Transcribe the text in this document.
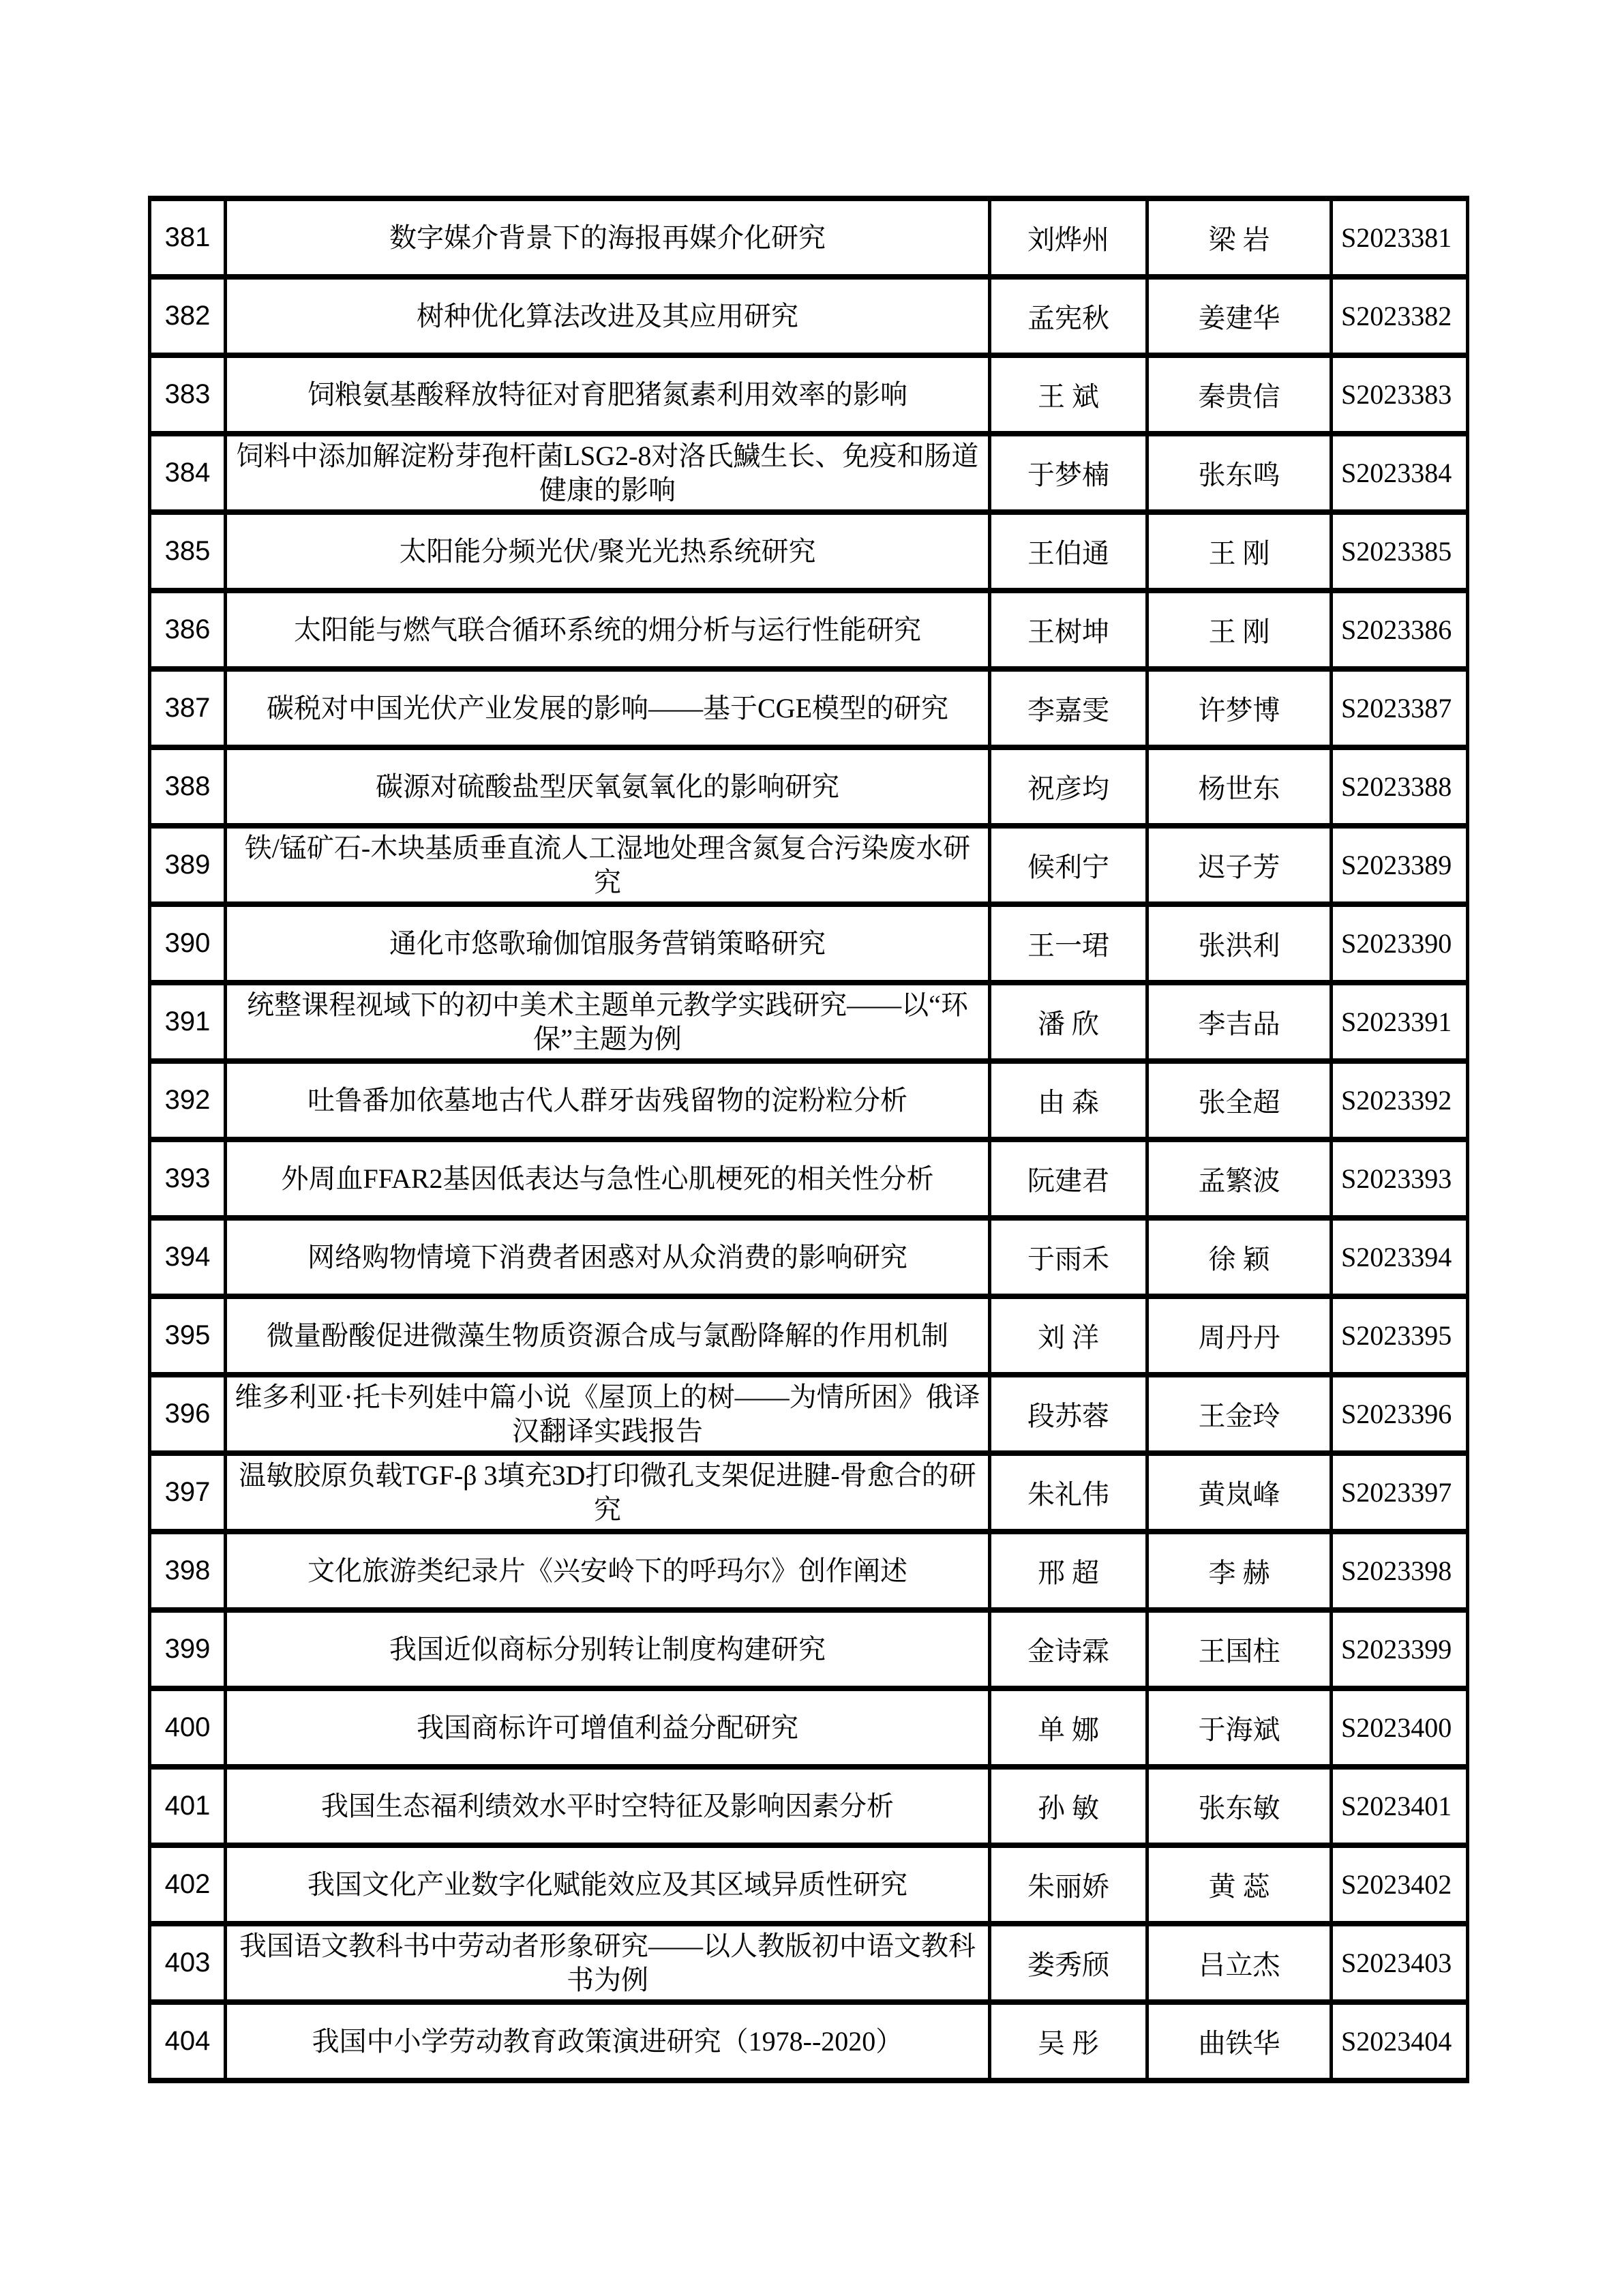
381	数字媒介背景下的海报再媒介化研究	刘烨州	梁 岩	S2023381
382	树种优化算法改进及其应用研究	孟宪秋	姜建华	S2023382
383	饲粮氨基酸释放特征对育肥猪氮素利用效率的影响	王 斌	秦贵信	S2023383
384	饲料中添加解淀粉芽孢杆菌LSG2-8对洛氏鱥生长、免疫和肠道健康的影响	于梦楠	张东鸣	S2023384
385	太阳能分频光伏/聚光光热系统研究	王伯通	王 刚	S2023385
386	太阳能与燃气联合循环系统的㶲分析与运行性能研究	王树坤	王 刚	S2023386
387	碳税对中国光伏产业发展的影响——基于CGE模型的研究	李嘉雯	许梦博	S2023387
388	碳源对硫酸盐型厌氧氨氧化的影响研究	祝彦均	杨世东	S2023388
389	铁/锰矿石-木块基质垂直流人工湿地处理含氮复合污染废水研究	候利宁	迟子芳	S2023389
390	通化市悠歌瑜伽馆服务营销策略研究	王一珺	张洪利	S2023390
391	统整课程视域下的初中美术主题单元教学实践研究——以“环保”主题为例	潘 欣	李吉品	S2023391
392	吐鲁番加依墓地古代人群牙齿残留物的淀粉粒分析	由 森	张全超	S2023392
393	外周血FFAR2基因低表达与急性心肌梗死的相关性分析	阮建君	孟繁波	S2023393
394	网络购物情境下消费者困惑对从众消费的影响研究	于雨禾	徐 颖	S2023394
395	微量酚酸促进微藻生物质资源合成与氯酚降解的作用机制	刘 洋	周丹丹	S2023395
396	维多利亚·托卡列娃中篇小说《屋顶上的树——为情所困》俄译汉翻译实践报告	段苏蓉	王金玲	S2023396
397	温敏胶原负载TGF-β 3填充3D打印微孔支架促进腱-骨愈合的研究	朱礼伟	黄岚峰	S2023397
398	文化旅游类纪录片《兴安岭下的呼玛尔》创作阐述	邢 超	李 赫	S2023398
399	我国近似商标分别转让制度构建研究	金诗霖	王国柱	S2023399
400	我国商标许可增值利益分配研究	单 娜	于海斌	S2023400
401	我国生态福利绩效水平时空特征及影响因素分析	孙 敏	张东敏	S2023401
402	我国文化产业数字化赋能效应及其区域异质性研究	朱丽娇	黄 蕊	S2023402
403	我国语文教科书中劳动者形象研究——以人教版初中语文教科书为例	娄秀颀	吕立杰	S2023403
404	我国中小学劳动教育政策演进研究（1978--2020）	吴 彤	曲铁华	S2023404
